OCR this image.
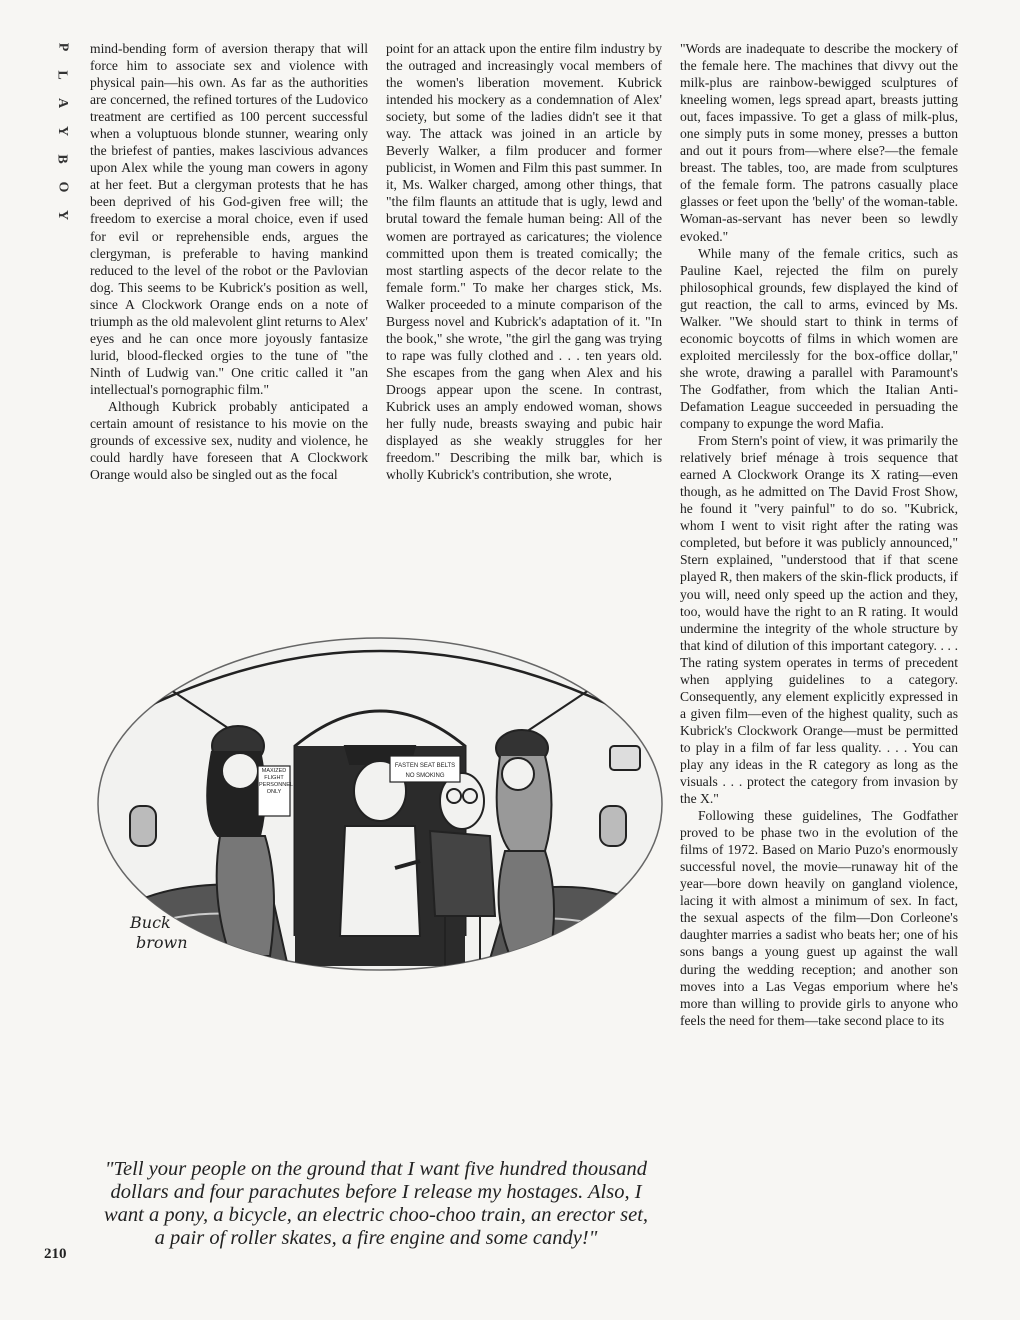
P
L
A
Y
B
O
Y

mind-bending form of aversion therapy that will force him to associate sex and violence with physical pain—his own. As far as the authorities are concerned, the refined tortures of the Ludovico treatment are certified as 100 percent successful when a voluptuous blonde stunner, wearing only the briefest of panties, makes lascivious advances upon Alex while the young man cowers in agony at her feet. But a clergyman protests that he has been deprived of his God-given free will; the freedom to exercise a moral choice, even if used for evil or reprehensible ends, argues the clergyman, is preferable to having mankind reduced to the level of the robot or the Pavlovian dog. This seems to be Kubrick's position as well, since A Clockwork Orange ends on a note of triumph as the old malevolent glint returns to Alex' eyes and he can once more joyously fantasize lurid, blood-flecked orgies to the tune of "the Ninth of Ludwig van." One critic called it "an intellectual's pornographic film."

Although Kubrick probably anticipated a certain amount of resistance to his movie on the grounds of excessive sex, nudity and violence, he could hardly have foreseen that A Clockwork Orange would also be singled out as the focal

point for an attack upon the entire film industry by the outraged and increasingly vocal members of the women's liberation movement. Kubrick intended his mockery as a condemnation of Alex' society, but some of the ladies didn't see it that way. The attack was joined in an article by Beverly Walker, a film producer and former publicist, in Women and Film this past summer. In it, Ms. Walker charged, among other things, that "the film flaunts an attitude that is ugly, lewd and brutal toward the female human being: All of the women are portrayed as caricatures; the violence committed upon them is treated comically; the most startling aspects of the decor relate to the female form." To make her charges stick, Ms. Walker proceeded to a minute comparison of the Burgess novel and Kubrick's adaptation of it. "In the book," she wrote, "the girl the gang was trying to rape was fully clothed and . . . ten years old. She escapes from the gang when Alex and his Droogs appear upon the scene. In contrast, Kubrick uses an amply endowed woman, shows her fully nude, breasts swaying and pubic hair displayed as she weakly struggles for her freedom." Describing the milk bar, which is wholly Kubrick's contribution, she wrote,

"Words are inadequate to describe the mockery of the female here. The machines that divvy out the milk-plus are rainbow-bewigged sculptures of kneeling women, legs spread apart, breasts jutting out, faces impassive. To get a glass of milk-plus, one simply puts in some money, presses a button and out it pours from—where else?—the female breast. The tables, too, are made from sculptures of the female form. The patrons casually place glasses or feet upon the 'belly' of the woman-table. Woman-as-servant has never been so lewdly evoked."

While many of the female critics, such as Pauline Kael, rejected the film on purely philosophical grounds, few displayed the kind of gut reaction, the call to arms, evinced by Ms. Walker. "We should start to think in terms of economic boycotts of films in which women are exploited mercilessly for the box-office dollar," she wrote, drawing a parallel with Paramount's The Godfather, from which the Italian Anti-Defamation League succeeded in persuading the company to expunge the word Mafia.

From Stern's point of view, it was primarily the relatively brief ménage à trois sequence that earned A Clockwork Orange its X rating—even though, as he admitted on The David Frost Show, he found it "very painful" to do so. "Kubrick, whom I went to visit right after the rating was completed, but before it was publicly announced," Stern explained, "understood that if that scene played R, then makers of the skin-flick products, if you will, need only speed up the action and they, too, would have the right to an R rating. It would undermine the integrity of the whole structure by that kind of dilution of this important category. . . . The rating system operates in terms of precedent when applying guidelines to a category. Consequently, any element explicitly expressed in a given film—even of the highest quality, such as Kubrick's Clockwork Orange—must be permitted to play in a film of far less quality. . . . You can play any ideas in the R category as long as the visuals . . . protect the category from invasion by the X."

Following these guidelines, The Godfather proved to be phase two in the evolution of the films of 1972. Based on Mario Puzo's enormously successful novel, the movie—runaway hit of the year—bore down heavily on gangland violence, lacing it with almost a minimum of sex. In fact, the sexual aspects of the film—Don Corleone's daughter marries a sadist who beats her; one of his sons bangs a young guest up against the wall during the wedding reception; and another son moves into a Las Vegas emporium where he's more than willing to provide girls to anyone who feels the need for them—take second place to its

MAXIZED FLIGHT PERSONNEL ONLY
FASTEN SEAT BELTS
NO SMOKING
Buck
brown
"Tell your people on the ground that I want five hundred thousand dollars and four parachutes before I release my hostages. Also, I want a pony, a bicycle, an electric choo-choo train, an erector set, a pair of roller skates, a fire engine and some candy!"
210
